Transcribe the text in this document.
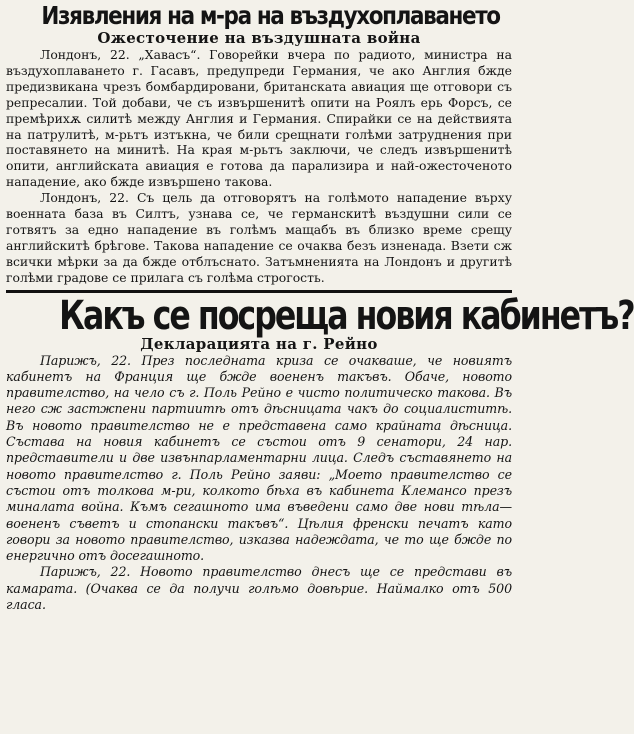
Изявления на м-ра на въздухоплаването
Ожесточение на въздушната война

Лондонъ, 22. „Хавасъ“. Говорейки вчера по радиото, министра на въздухоплаването г. Гасавъ, предупреди Германия, че ако Англия бжде предизвикана чрезъ бомбардировани, британската авиация ще отговори съ репресалии. Той добави, че съ извършенитѣ опити на Роялъ ерь Форсъ, се премѣрихѫ силитѣ между Англия и Германия. Спирайки се на действията на патрулитѣ, м-рьтъ изтъкна, че били срещнати голѣми затруднения при поставянето на минитѣ. На края м-рьтъ заключи, че следъ извършенитѣ опити, английската авиация е готова да парализира и най-ожесточеното нападение, ако бжде извършено такова.

Лондонъ, 22. Съ цель да отговорятъ на голѣмото нападение върху военната база въ Силтъ, узнава се, че германскитѣ въздушни сили се готвятъ за едно нападение въ голѣмъ мащабъ въ близко време срещу английскитѣ брѣгове. Такова нападение се очаква безъ изненада. Взети сж всички мѣрки за да бжде отблъснато. Затъмненията на Лондонъ и другитѣ голѣми градове се прилага съ голѣма строгость.

Какъ се посреща новия кабинетъ?
Декларацията на г. Рейно

Парижъ, 22. През последната криза се очакваше, че новиятъ кабинетъ на Франция ще бжде воененъ такъвъ. Обаче, новото правителство, на чело съ г. Поль Рейно е чисто политическо такова. Въ него сж застжпени партиитѣ отъ дѣсницата чакъ до социалиститѣ. Въ новото правителство не е представена само крайната дѣсница. Състава на новия кабинетъ се състои отъ 9 сенатори, 24 нар. представители и две извънпарламентарни лица. Следъ съставянето на новото правителство г. Поль Рейно заяви: „Моето правителство се състои отъ толкова м-ри, колкото бѣха въ кабинета Клемансо презъ миналата война. Къмъ сегашното има въведени само две нови тѣла—воененъ съветъ и стопански такъвъ“. Цѣлия френски печатъ като говори за новото правителство, изказва надеждата, че то ще бжде по енергично отъ досегашното.

Парижъ, 22. Новото правителство днесъ ще се представи въ камарата. (Очаква се да получи голѣмо довѣрие. Наймалко отъ 500 гласа.
